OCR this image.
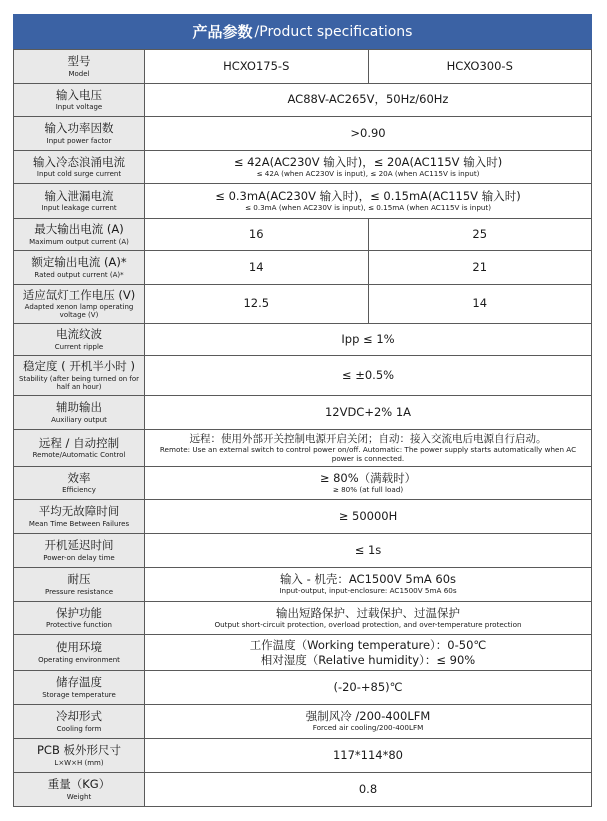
产品参数 /Product specifications
型号
Model	HCXO175-S	HCXO300-S

输入电压
Input voltage	AC88V-AC265V，50Hz/60Hz	

输入功率因数
Input power factor	>0.90	

输入冷态浪涌电流
Input cold surge current	≤ 42A(AC230V 输入时)，≤ 20A(AC115V 输入时)
≤ 42A (when AC230V is input), ≤ 20A (when AC115V is input)	

输入泄漏电流
Input leakage current	≤ 0.3mA(AC230V 输入时)，≤ 0.15mA(AC115V 输入时)
≤ 0.3mA (when AC230V is input), ≤ 0.15mA (when AC115V is input)	

最大输出电流 (A)
Maximum output current (A)	16	25

额定输出电流 (A)*
Rated output current (A)*	14	21

适应氙灯工作电压 (V)
Adapted xenon lamp operating voltage (V)	12.5	14

电流纹波
Current ripple	Ipp ≤ 1%	

稳定度 ( 开机半小时 )
Stability (after being turned on for half an hour)	≤ ±0.5%	

辅助输出
Auxiliary output	12VDC+2% 1A	

远程 / 自动控制
Remote/Automatic Control	远程：使用外部开关控制电源开启关闭；自动：接入交流电后电源自行启动。
Remote: Use an external switch to control power on/off. Automatic: The power supply starts automatically when AC power is connected.	

效率
Efficiency	≥ 80%（满载时）
≥ 80% (at full load)	

平均无故障时间
Mean Time Between Failures	≥ 50000H	

开机延迟时间
Power-on delay time	≤ 1s	

耐压
Pressure resistance	输入 - 机壳：AC1500V 5mA 60s
Input-output, input-enclosure: AC1500V 5mA 60s	

保护功能
Protective function	输出短路保护、过载保护、过温保护
Output short-circuit protection, overload protection, and over-temperature protection	

使用环境
Operating environment	工作温度（Working temperature）：0-50℃
相对湿度（Relative humidity）：≤ 90%	

储存温度
Storage temperature	(-20-+85)℃	

冷却形式
Cooling form	强制风冷 /200-400LFM
Forced air cooling/200-400LFM	

PCB 板外形尺寸
L×W×H (mm)	117*114*80	

重量（KG）
Weight	0.8	
